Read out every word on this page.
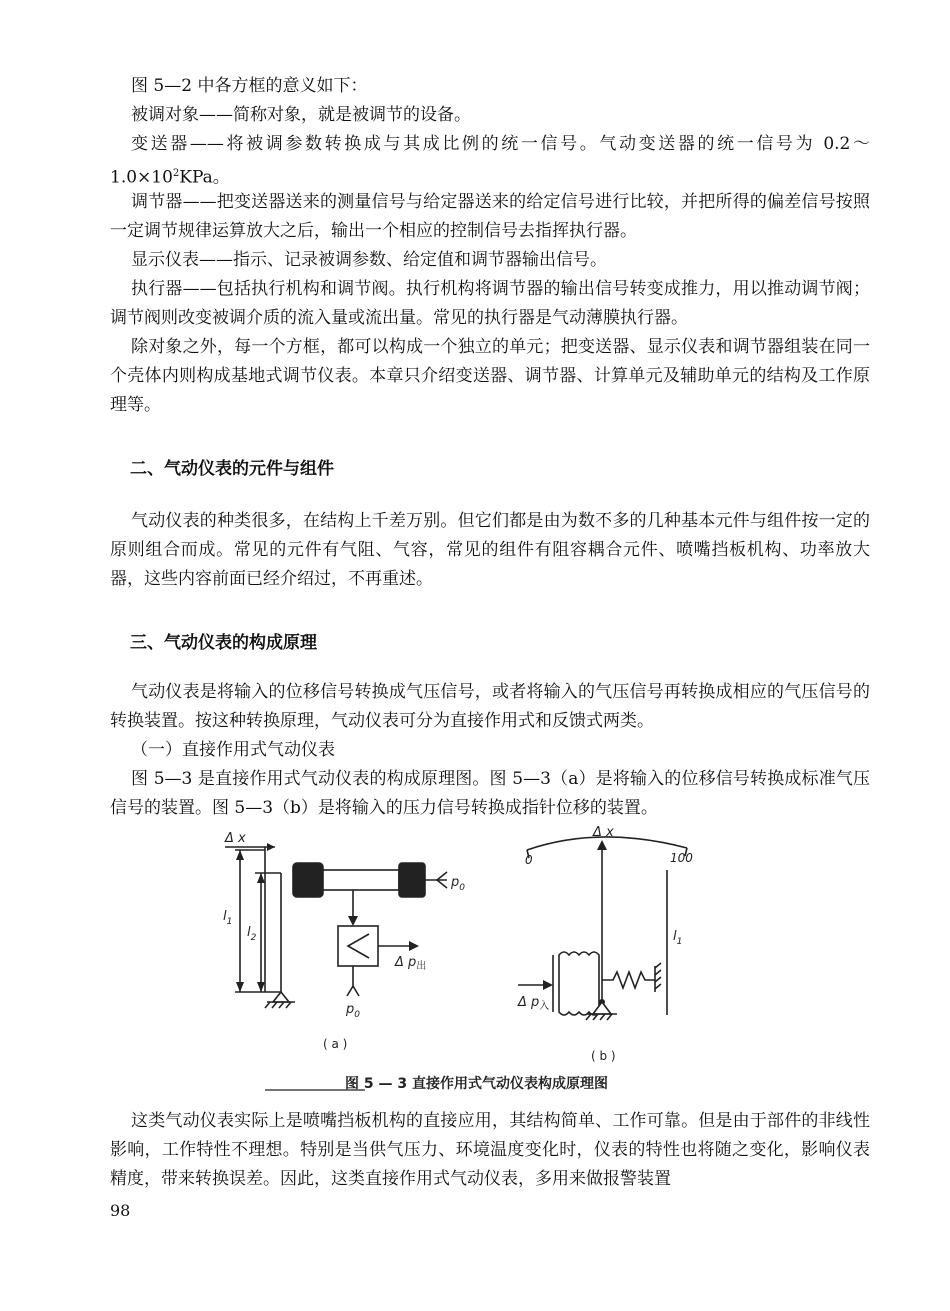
图 5—2 中各方框的意义如下：

被调对象——简称对象，就是被调节的设备。

变送器——将被调参数转换成与其成比例的统一信号。气动变送器的统一信号为 $0.2\sim 1.0\times 10^2KPa$。

调节器——把变送器送来的测量信号与给定器送来的给定信号进行比较，并把所得的偏差信号按照一定调节规律运算放大之后，输出一个相应的控制信号去指挥执行器。

显示仪表——指示、记录被调参数、给定值和调节器输出信号。

执行器——包括执行机构和调节阀。执行机构将调节器的输出信号转变成推力，用以推动调节阀；调节阀则改变被调介质的流入量或流出量。常见的执行器是气动薄膜执行器。

除对象之外，每一个方框，都可以构成一个独立的单元；把变送器、显示仪表和调节器组装在同一个壳体内则构成基地式调节仪表。本章只介绍变送器、调节器、计算单元及辅助单元的结构及工作原理等。

二、气动仪表的元件与组件

气动仪表的种类很多，在结构上千差万别。但它们都是由为数不多的几种基本元件与组件按一定的原则组合而成。常见的元件有气阻、气容，常见的组件有阻容耦合元件、喷嘴挡板机构、功率放大器，这些内容前面已经介绍过，不再重述。

三、气动仪表的构成原理

气动仪表是将输入的位移信号转换成气压信号，或者将输入的气压信号再转换成相应的气压信号的转换装置。按这种转换原理，气动仪表可分为直接作用式和反馈式两类。

（一）直接作用式气动仪表

图 5—3 是直接作用式气动仪表的构成原理图。图 5—3（a）是将输入的位移信号转换成标准气压信号的装置。图 5—3（b）是将输入的压力信号转换成指针位移的装置。

Δ x
$l_1$
$l_2$
$p_0$
Δ $p_出$
$p_0$
( a )
0	100
Δ x
$l_1$
Δ $p_入$
( b )
图 5 — 3 直接作用式气动仪表构成原理图

这类气动仪表实际上是喷嘴挡板机构的直接应用，其结构简单、工作可靠。但是由于部件的非线性影响，工作特性不理想。特别是当供气压力、环境温度变化时，仪表的特性也将随之变化，影响仪表精度，带来转换误差。因此，这类直接作用式气动仪表，多用来做报警装置

98
